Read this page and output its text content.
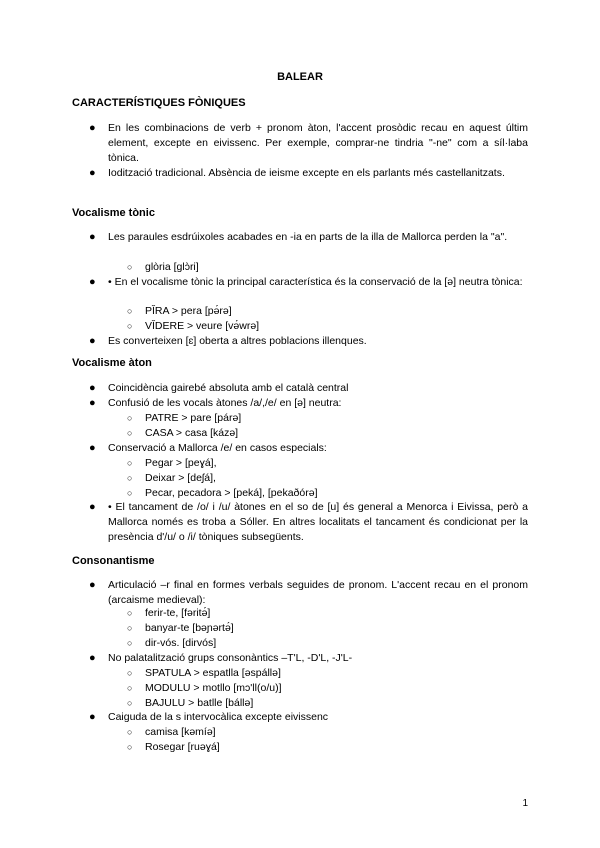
BALEAR
CARACTERÍSTIQUES FÒNIQUES
● En les combinacions de verb + pronom àton, l'accent prosòdic recau en aquest últim element, excepte en eivissenc. Per exemple, comprar-ne tindria "-ne" com a síl·laba tònica.
● Iodització tradicional. Absència de ieisme excepte en els parlants més castellanitzats.
Vocalisme tònic
● Les paraules esdrúixoles acabades en -ia en parts de la illa de Mallorca perden la "a".
○ glòria [glɔ̀ri]
● • En el vocalisme tònic la principal característica és la conservació de la [ə] neutra tònica:
○ PĬRA > pera [pə́rə]
○ VĬDERE > veure [və́wrə]
● Es converteixen [ɛ] oberta a altres poblacions illenques.
Vocalisme àton
● Coincidència gairebé absoluta amb el català central
● Confusió de les vocals àtones /a/,/e/ en [ə] neutra:
○ PATRE > pare [párə]
○ CASA > casa [kázə]
● Conservació a Mallorca /e/ en casos especials:
○ Pegar > [peɣá],
○ Deixar > [deʃá],
○ Pecar, pecadora > [peká], [pekaðórə]
● • El tancament de /o/ i /u/ àtones en el so de [u] és general a Menorca i Eivissa, però a Mallorca només es troba a Sóller. En altres localitats el tancament és condicionat per la presència d'/u/ o /i/ tòniques subsegüents.
Consonantisme
● Articulació –r final en formes verbals seguides de pronom. L'accent recau en el pronom (arcaisme medieval):
○ ferir-te, [fəritə́]
○ banyar-te [bəɲərtə́]
○ dir-vós. [dirvós]
● No palatalització grups consonàntics –T'L, -D'L, -J'L-
○ SPATULA > espatlla [əspállə]
○ MODULU > motllo [mɔ'll(o/u)]
○ BAJULU > batlle [bállə]
● Caiguda de la s intervocàlica excepte eivissenc
○ camisa [kəmíə]
○ Rosegar [ruəɣá]
1
